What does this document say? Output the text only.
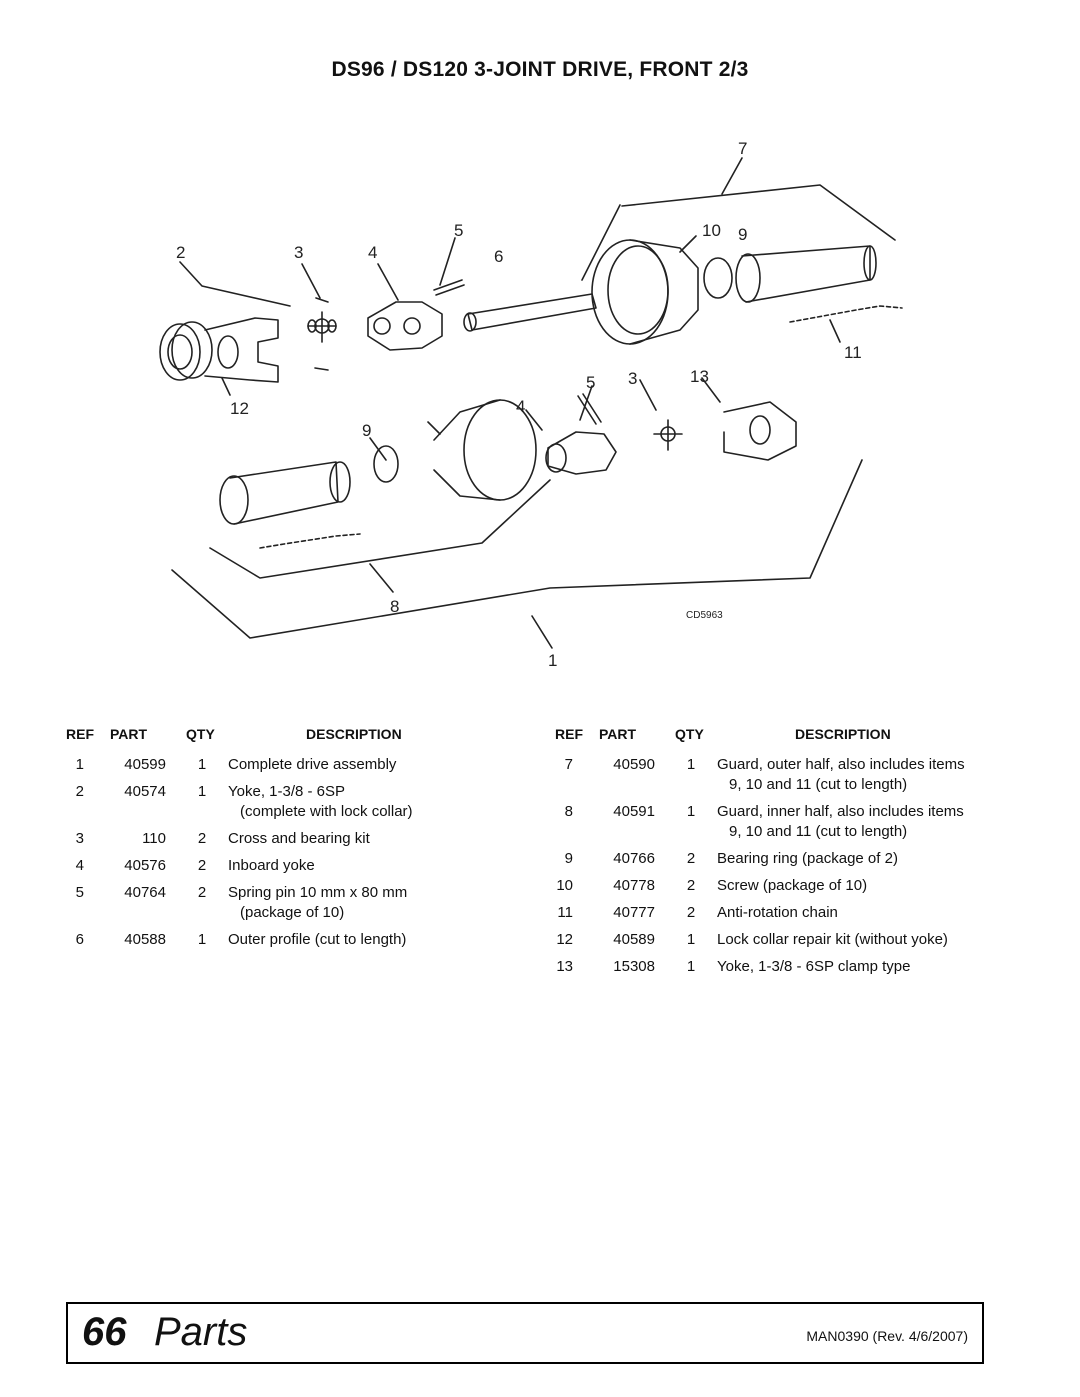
DS96 / DS120 3-JOINT DRIVE, FRONT 2/3
1
2	3	4
5
6
7
8
9
10
11
12
13
5 3
4
9
CD5963
REF PART	QTY	DESCRIPTION
1	40599	1	Complete drive assembly
2	40574	1	Yoke, 1-3/8 - 6SP
(complete with lock collar)
3	110	2	Cross and bearing kit
4	40576	2	Inboard yoke
5	40764	2	Spring pin 10 mm x 80 mm
(package of 10)
6	40588	1	Outer profile (cut to length)
REF PART	QTY	DESCRIPTION
7	40590	1	Guard, outer half, also includes items
9, 10 and 11 (cut to length)
8	40591	1	Guard, inner half, also includes items
9, 10 and 11 (cut to length)
9	40766	2	Bearing ring (package of 2)
10	40778	2	Screw (package of 10)
11	40777	2	Anti-rotation chain
12	40589	1	Lock collar repair kit (without yoke)
13	15308	1	Yoke, 1-3/8 - 6SP clamp type
66 Parts	MAN0390 (Rev. 4/6/2007)
